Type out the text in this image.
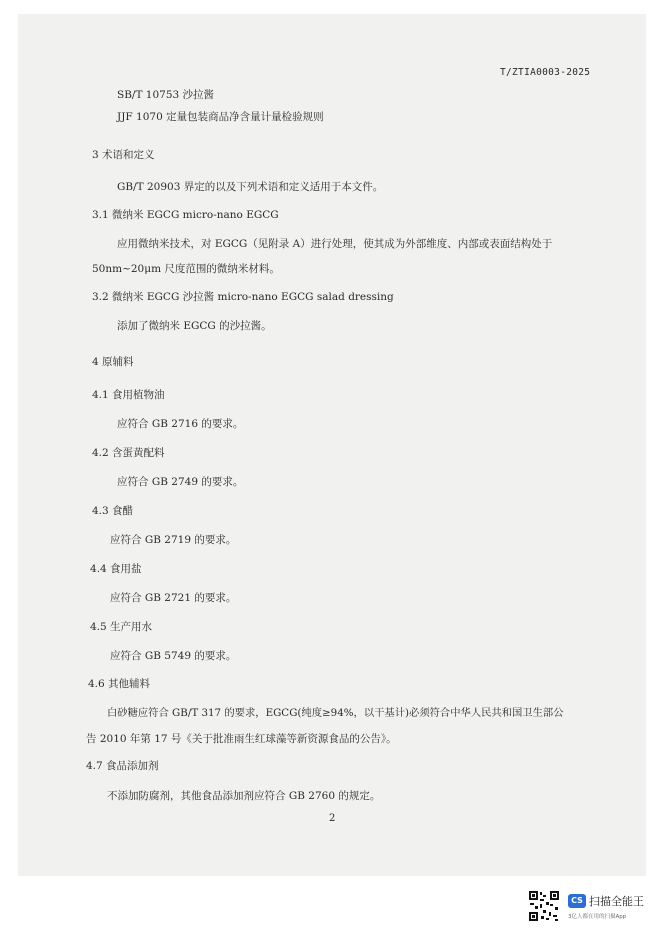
T/ZTIA0003-2025
SB/T 10753 沙拉酱
JJF 1070 定量包装商品净含量计量检验规则
3 术语和定义
GB/T 20903 界定的以及下列术语和定义适用于本文件。
3.1 微纳米 EGCG micro-nano EGCG
应用微纳米技术，对 EGCG（见附录 A）进行处理，使其成为外部维度、内部或表面结构处于
50nm~20μm 尺度范围的微纳米材料。
3.2 微纳米 EGCG 沙拉酱 micro-nano EGCG salad dressing
添加了微纳米 EGCG 的沙拉酱。
4 原辅料
4.1 食用植物油
应符合 GB 2716 的要求。
4.2 含蛋黄配料
应符合 GB 2749 的要求。
4.3 食醋
应符合 GB 2719 的要求。
4.4 食用盐
应符合 GB 2721 的要求。
4.5 生产用水
应符合 GB 5749 的要求。
4.6 其他辅料
白砂糖应符合 GB/T 317 的要求，EGCG(纯度≥94%，以干基计)必须符合中华人民共和国卫生部公
告 2010 年第 17 号《关于批准雨生红球藻等新资源食品的公告》。
4.7 食品添加剂
不添加防腐剂，其他食品添加剂应符合 GB 2760 的规定。
2
CS 扫描全能王
3亿人都在用的扫描App
